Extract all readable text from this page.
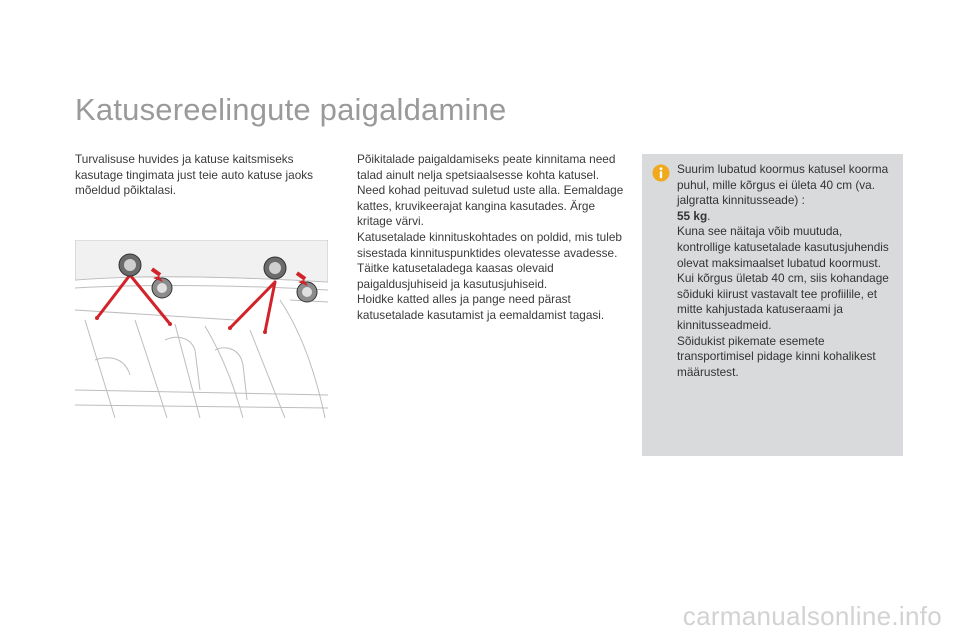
Katusereelingute paigaldamine
Turvalisuse huvides ja katuse kaitsmiseks kasutage tingimata just teie auto katuse jaoks mõeldud põiktalasi.

Põikitalade paigaldamiseks peate kinnitama need talad ainult nelja spetsiaalsesse kohta katusel. Need kohad peituvad suletud uste alla. Eemaldage kattes, kruvikeerajat kangina kasutades. Ärge kritage värvi.

Katusetalade kinnituskohtades on poldid, mis tuleb sisestada kinnituspunktides olevatesse avadesse.

Täitke katusetaladega kaasas olevaid paigaldusjuhiseid ja kasutusjuhiseid.

Hoidke katted alles ja pange need pärast katusetalade kasutamist ja eemaldamist tagasi.

Suurim lubatud koormus katusel koorma puhul, mille kõrgus ei ületa 40 cm (va. jalgratta kinnitusseade) :
55 kg.

Kuna see näitaja võib muutuda, kontrollige katusetalade kasutusjuhendis olevat maksimaalset lubatud koormust.

Kui kõrgus ületab 40 cm, siis kohandage sõiduki kiirust vastavalt tee profiilile, et mitte kahjustada katuseraami ja kinnitusseadmeid.

Sõidukist pikemate esemete transportimisel pidage kinni kohalikest määrustest.

carmanualsonline.info
